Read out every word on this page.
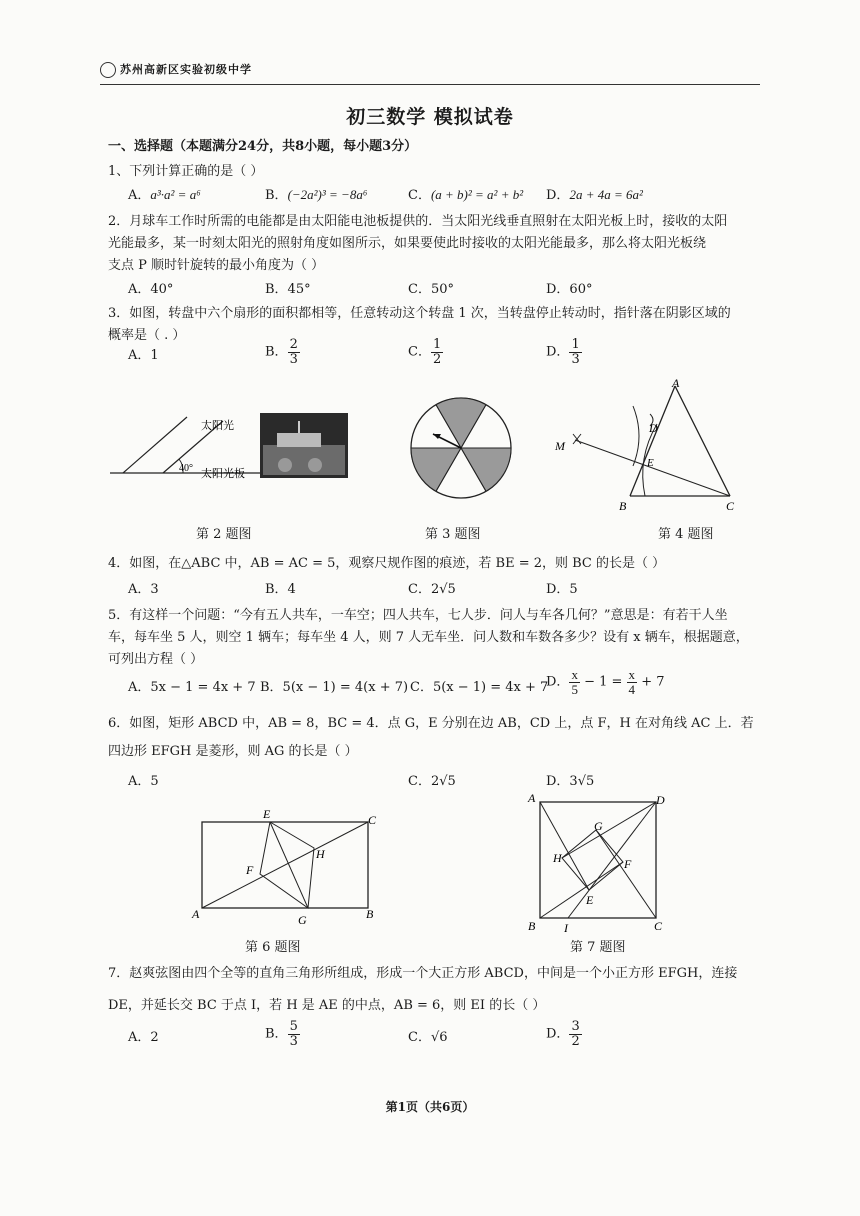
苏州高新区实验初级中学
初三数学 模拟试卷
一、选择题（本题满分24分，共8小题，每小题3分）
1、下列计算正确的是（ ）
A．a³·a² = a⁶	B．(−2a²)³ = −8a⁶	C．(a + b)² = a² + b² D．2a + 4a = 6a²
2．月球车工作时所需的电能都是由太阳能电池板提供的．当太阳光线垂直照射在太阳光板上时，接收的太阳
光能最多，某一时刻太阳光的照射角度如图所示，如果要使此时接收的太阳光能最多，那么将太阳光板绕
支点 P 顺时针旋转的最小角度为（ ）
A．40°	B．45°	C．50°	D．60°
3．如图，转盘中六个扇形的面积都相等，任意转动这个转盘 1 次，当转盘停止转动时，指针落在阴影区域的
概率是（ . ）
A．1	B． $\frac{2}{3}$	C． $\frac{1}{2}$	D． $\frac{1}{3}$
40°
太阳光
太阳光板
第 2 题图	第 3 题图
A
B	C
D
E
M
第 4 题图
4．如图，在△ABC 中，AB = AC = 5，观察尺规作图的痕迹，若 BE = 2，则 BC 的长是（ ）
A．3	B．4	C．2√5	D．5
5．有这样一个问题：“今有五人共车，一车空；四人共车，七人步．问人与车各几何？”意思是：有若干人坐
车，每车坐 5 人，则空 1 辆车；每车坐 4 人，则 7 人无车坐．问人数和车数各多少？设有 x 辆车，根据题意，
可列出方程（ ）
A．5x − 1 = 4x + 7 B．5(x − 1) = 4(x + 7) C．5(x − 1) = 4x + 7
D． $\frac{x}{5} - 1 = \frac{x}{4} + 7$
6．如图，矩形 ABCD 中，AB = 8，BC = 4．点 G，E 分别在边 AB，CD 上，点 F，H 在对角线 AC 上．若
四边形 EFGH 是菱形，则 AG 的长是（ ）
A．5	C．2√5	D．3√5
A	B
C
E
F
G
H
第 6 题图
A
B	C
D
E
F
G
H
I
第 7 题图
7．赵爽弦图由四个全等的直角三角形所组成，形成一个大正方形 ABCD，中间是一个小正方形 EFGH，连接
DE，并延长交 BC 于点 I，若 H 是 AE 的中点，AB = 6，则 EI 的长（ ）
A．2	B． $\frac{5}{3}$	C．√6	D． $\frac{3}{2}$
第1页（共6页）
